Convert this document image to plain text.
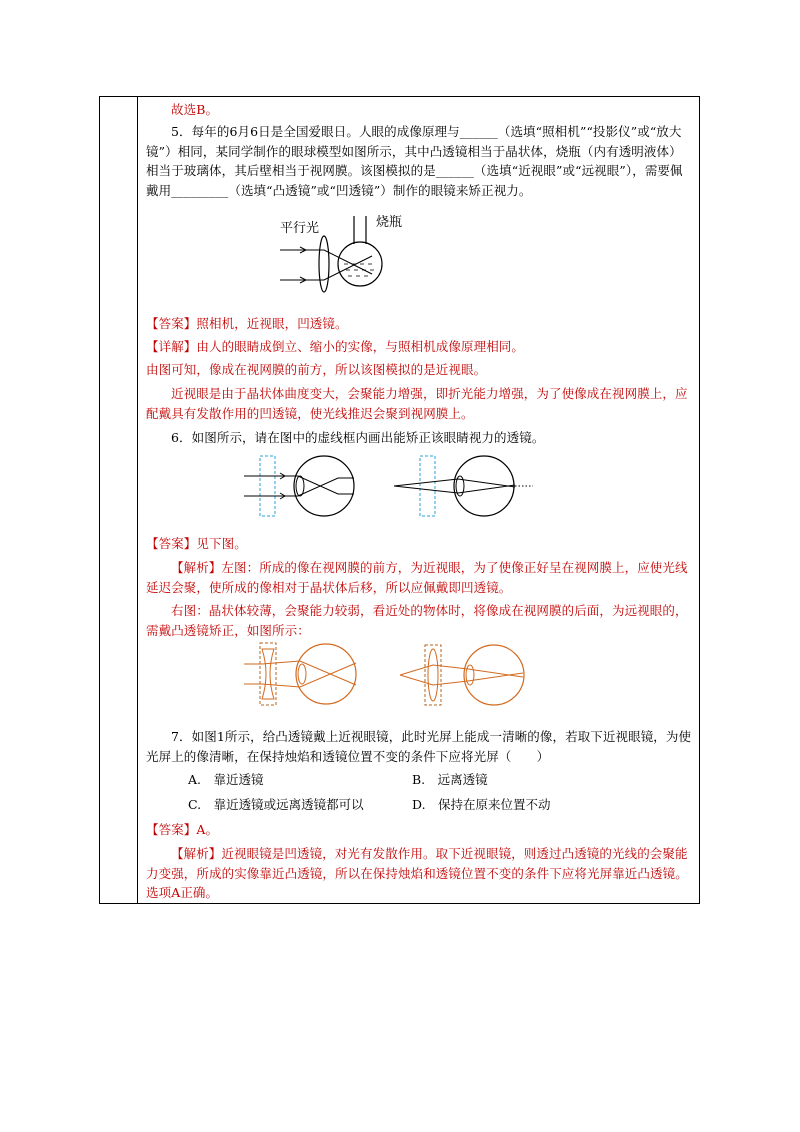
故选B。
5．每年的6月6日是全国爱眼日。人眼的成像原理与______（选填“照相机”“投影仪”或“放大镜”）相同，某同学制作的眼球模型如图所示，其中凸透镜相当于晶状体，烧瓶（内有透明液体）相当于玻璃体，其后壁相当于视网膜。该图模拟的是______（选填“近视眼”或“远视眼”），需要佩戴用_________（选填“凸透镜”或“凹透镜”）制作的眼镜来矫正视力。
平行光	烧瓶
【答案】照相机，近视眼，凹透镜。
【详解】由人的眼睛成倒立、缩小的实像，与照相机成像原理相同。
由图可知，像成在视网膜的前方，所以该图模拟的是近视眼。
近视眼是由于晶状体曲度变大，会聚能力增强，即折光能力增强，为了使像成在视网膜上，应配戴具有发散作用的凹透镜，使光线推迟会聚到视网膜上。
6．如图所示，请在图中的虚线框内画出能矫正该眼睛视力的透镜。
【答案】见下图。
【解析】左图：所成的像在视网膜的前方，为近视眼，为了使像正好呈在视网膜上，应使光线延迟会聚，使所成的像相对于晶状体后移，所以应佩戴即凹透镜。
右图：晶状体较薄，会聚能力较弱，看近处的物体时，将像成在视网膜的后面，为远视眼的，需戴凸透镜矫正，如图所示：
7．如图1所示，给凸透镜戴上近视眼镜，此时光屏上能成一清晰的像，若取下近视眼镜，为使光屏上的像清晰，在保持烛焰和透镜位置不变的条件下应将光屏（　　）
A.　靠近透镜	B.　远离透镜
C.　靠近透镜或远离透镜都可以	D.　保持在原来位置不动
【答案】A。
【解析】近视眼镜是凹透镜，对光有发散作用。取下近视眼镜，则透过凸透镜的光线的会聚能力变强，所成的实像靠近凸透镜，所以在保持烛焰和透镜位置不变的条件下应将光屏靠近凸透镜。选项A正确。
